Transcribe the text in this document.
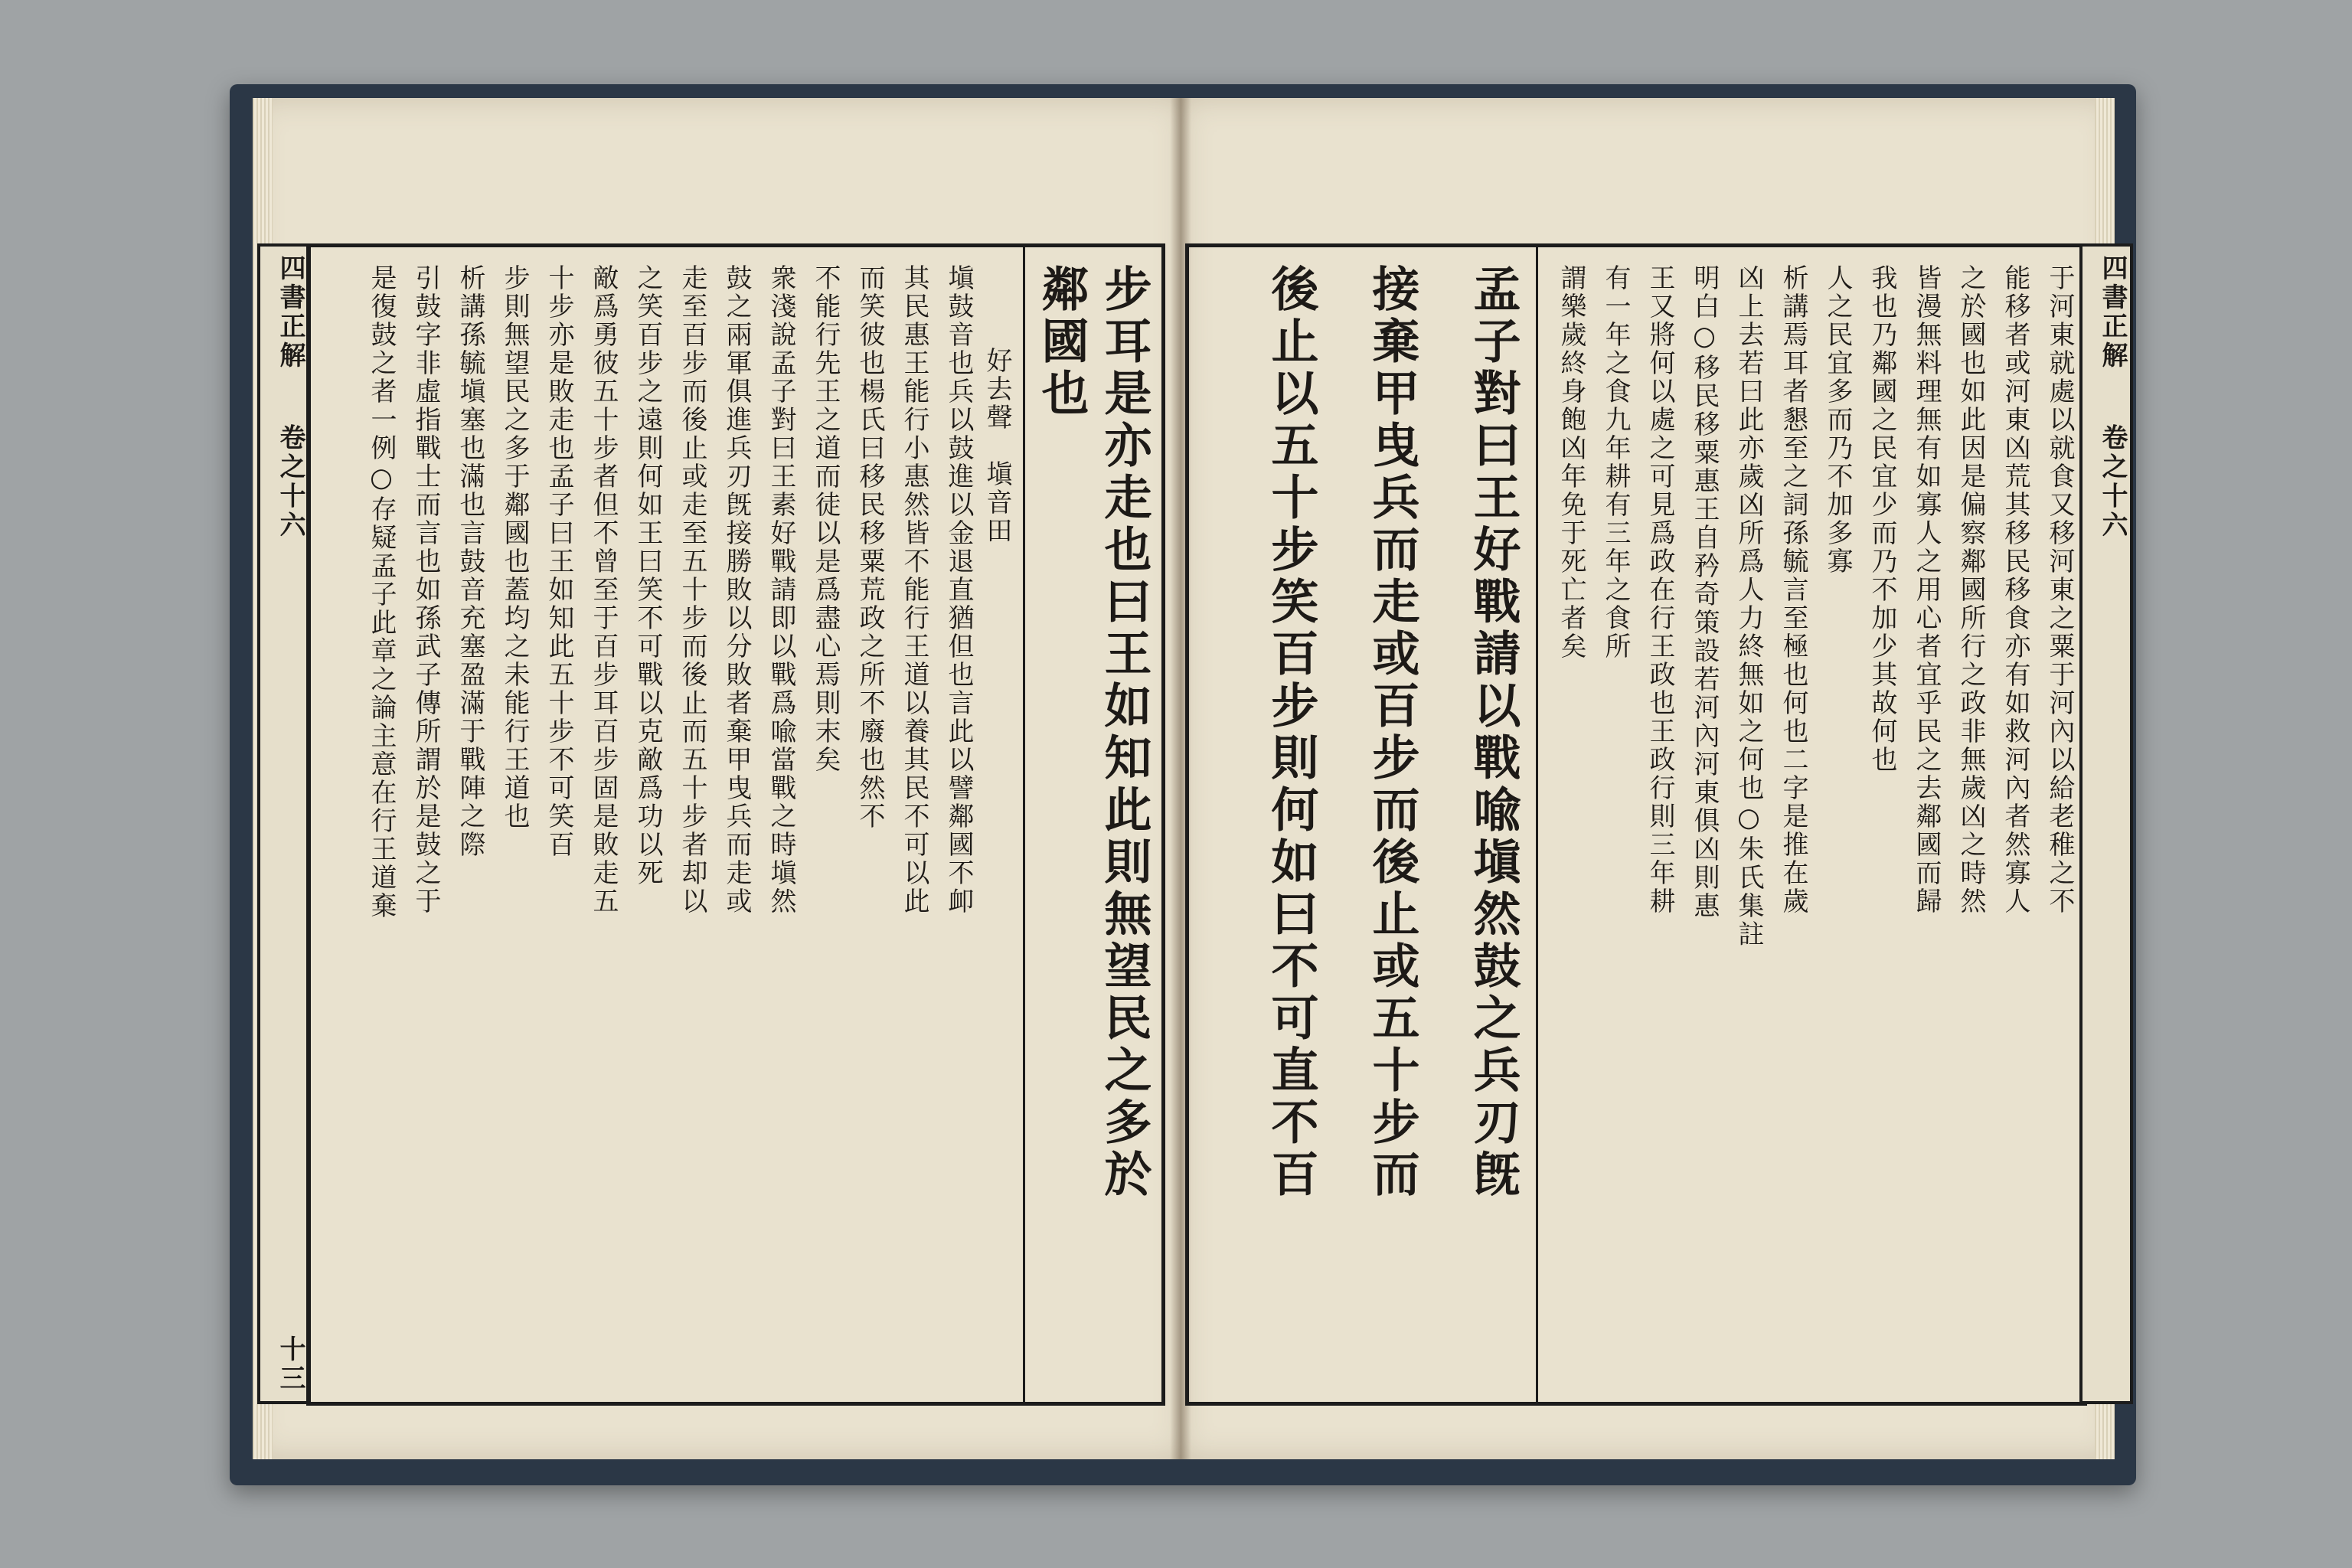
四書正解 　 卷之十六
十三
步耳是亦走也曰王如知此則無望民之多於
鄰國也
好去聲　塡音田
塡鼓音也兵以鼓進以金退直猶但也言此以譬鄰國不卹
其民惠王能行小惠然皆不能行王道以養其民不可以此
而笑彼也楊氏曰移民移粟荒政之所不廢也然不
不能行先王之道而徒以是爲盡心焉則末矣
衆淺說孟子對曰王素好戰請即以戰爲喩當戰之時塡然
鼓之兩軍俱進兵刃旣接勝敗以分敗者棄甲曳兵而走或
走至百步而後止或走至五十步而後止而五十步者却以
之笑百步之遠則何如王曰笑不可戰以克敵爲功以死
敵爲勇彼五十步者但不曾至于百步耳百步固是敗走五
十步亦是敗走也孟子曰王如知此五十步不可笑百
步則無望民之多于鄰國也蓋均之未能行王道也
析講孫毓塡塞也滿也言鼓音充塞盈滿于戰陣之際
引鼓字非虛指戰士而言也如孫武子傳所謂於是鼓之于
是復鼓之者一例○存疑孟子此章之論主意在行王道棄	于河東就處以就食又移河東之粟于河內以給老稚之不
能移者或河東凶荒其移民移食亦有如救河內者然寡人
之於國也如此因是偏察鄰國所行之政非無歲凶之時然
皆漫無料理無有如寡人之用心者宜乎民之去鄰國而歸
我也乃鄰國之民宜少而乃不加少其故何也
人之民宜多而乃不加多寡
析講焉耳者懇至之詞孫毓言至極也何也二字是推在歲
凶上去若曰此亦歲凶所爲人力終無如之何也○朱氏集註
明白○移民移粟惠王自矜奇策設若河內河東俱凶則惠
王又將何以處之可見爲政在行王政也王政行則三年耕
有一年之食九年耕有三年之食所
謂樂歲終身飽凶年免于死亡者矣
孟子對曰王好戰請以戰喩塡然鼓之兵刃旣
接棄甲曳兵而走或百步而後止或五十步而
後止以五十步笑百步則何如曰不可直不百	四書正解 　 卷之十六
